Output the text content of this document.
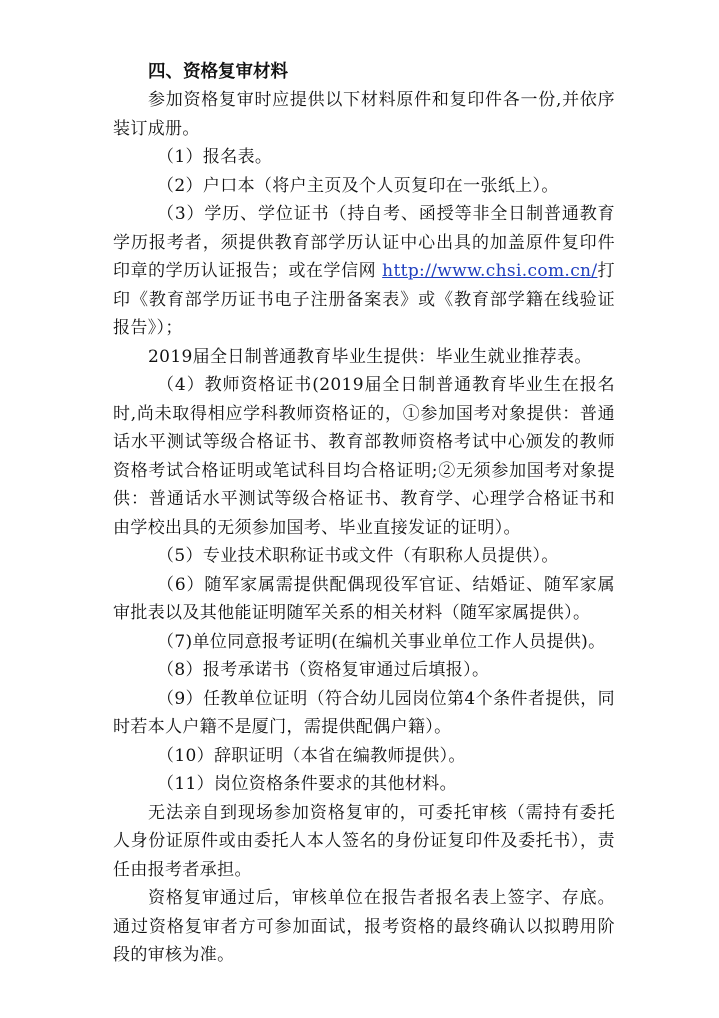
四、资格复审材料

参加资格复审时应提供以下材料原件和复印件各一份,并依序装订成册。

（1）报名表。

（2）户口本（将户主页及个人页复印在一张纸上）。

（3）学历、学位证书（持自考、函授等非全日制普通教育学历报考者，须提供教育部学历认证中心出具的加盖原件复印件印章的学历认证报告；或在学信网 http://www.chsi.com.cn/打印《教育部学历证书电子注册备案表》或《教育部学籍在线验证报告》）；

2019届全日制普通教育毕业生提供：毕业生就业推荐表。

（4）教师资格证书(2019届全日制普通教育毕业生在报名时,尚未取得相应学科教师资格证的，①参加国考对象提供：普通话水平测试等级合格证书、教育部教师资格考试中心颁发的教师资格考试合格证明或笔试科目均合格证明;②无须参加国考对象提供：普通话水平测试等级合格证书、教育学、心理学合格证书和由学校出具的无须参加国考、毕业直接发证的证明）。

（5）专业技术职称证书或文件（有职称人员提供）。

（6）随军家属需提供配偶现役军官证、结婚证、随军家属审批表以及其他能证明随军关系的相关材料（随军家属提供）。

（7)单位同意报考证明(在编机关事业单位工作人员提供)。

（8）报考承诺书（资格复审通过后填报）。

（9）任教单位证明（符合幼儿园岗位第4个条件者提供，同时若本人户籍不是厦门，需提供配偶户籍）。

（10）辞职证明（本省在编教师提供）。

（11）岗位资格条件要求的其他材料。

无法亲自到现场参加资格复审的，可委托审核（需持有委托人身份证原件或由委托人本人签名的身份证复印件及委托书），责任由报考者承担。

资格复审通过后，审核单位在报告者报名表上签字、存底。通过资格复审者方可参加面试，报考资格的最终确认以拟聘用阶段的审核为准。
